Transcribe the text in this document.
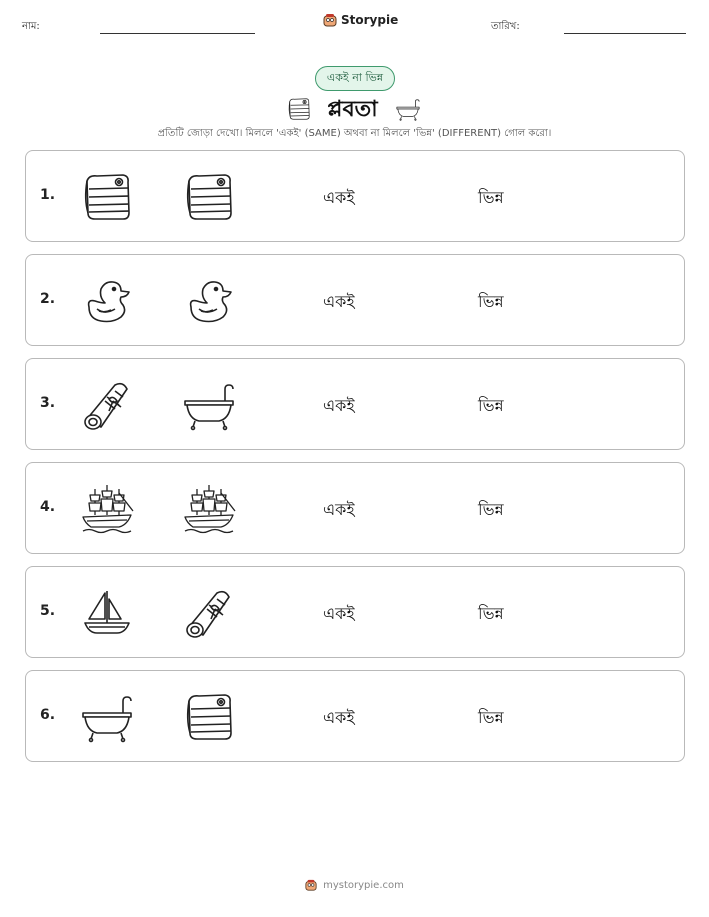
নাম:	Storypie	তারিখ:
একই না ভিন্ন
প্লবতা
প্রতিটি জোড়া দেখো। মিললে 'একই' (SAME) অথবা না মিললে 'ভিন্ন' (DIFFERENT) গোল করো।
1.	একই	ভিন্ন
2.	একই	ভিন্ন
3.	একই	ভিন্ন
4.	একই	ভিন্ন
5.	একই	ভিন্ন
6.	একই	ভিন্ন
mystorypie.com
